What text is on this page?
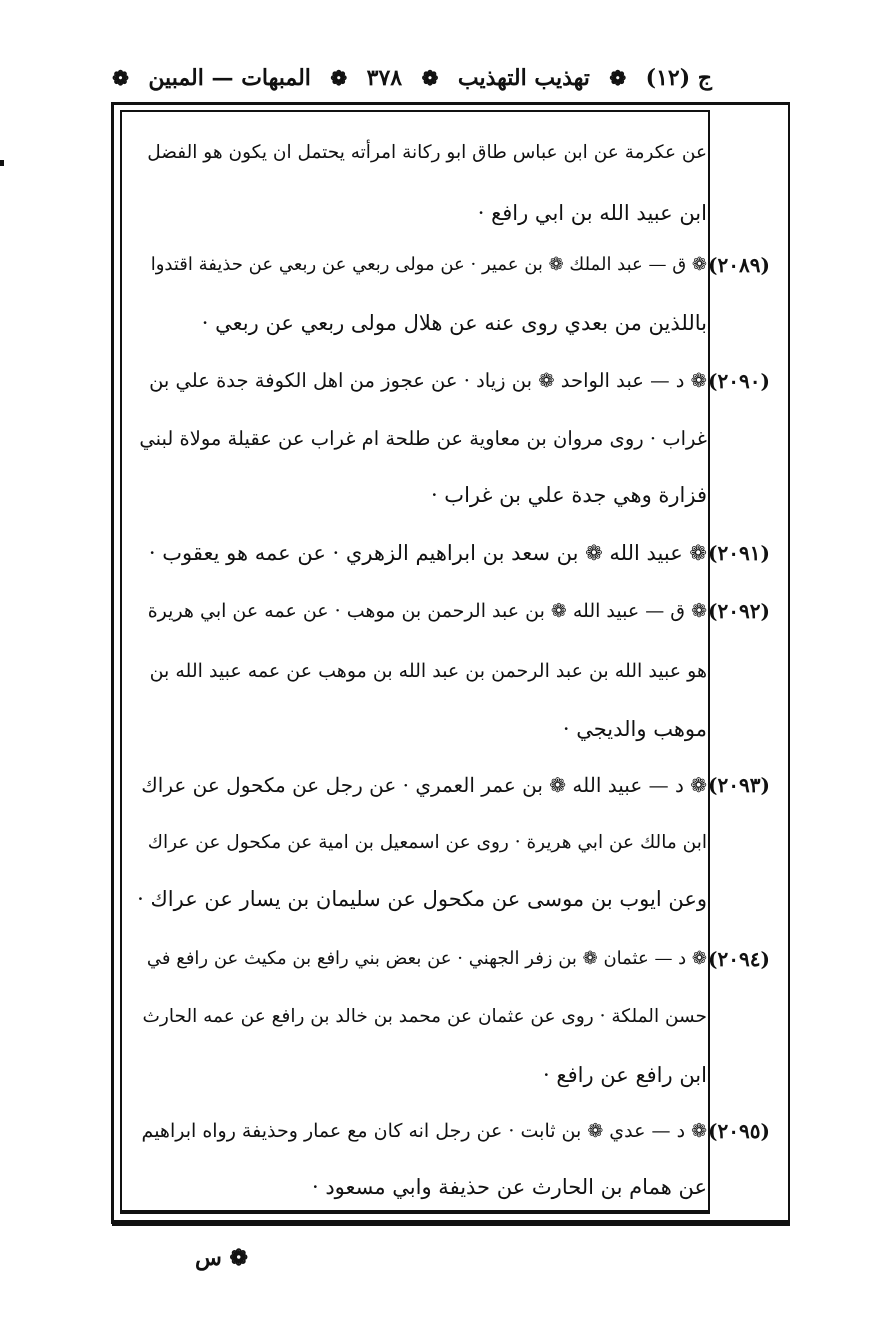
ج (١٢)
❁
تهذيب التهذيب
❁
٣٧٨
❁
المبهات — المبين
❁
عن عكرمة عن ابن عباس طاق ابو ركانة امرأته يحتمل ان يكون هو الفضل
ابن عبيد الله بن ابي رافع ·
(٢٠٨٩)
❁ ق — عبد الملك ❁ بن عمير · عن مولى ربعي عن ربعي عن حذيفة اقتدوا
باللذين من بعدي روى عنه عن هلال مولى ربعي عن ربعي ·
(٢٠٩٠)
❁ د — عبد الواحد ❁ بن زياد · عن عجوز من اهل الكوفة جدة علي بن
غراب · روى مروان بن معاوية عن طلحة ام غراب عن عقيلة مولاة لبني
فزارة وهي جدة علي بن غراب ·
(٢٠٩١)
❁ عبيد الله ❁ بن سعد بن ابراهيم الزهري · عن عمه هو يعقوب ·
(٢٠٩٢)
❁ ق — عبيد الله ❁ بن عبد الرحمن بن موهب · عن عمه عن ابي هريرة
هو عبيد الله بن عبد الرحمن بن عبد الله بن موهب عن عمه عبيد الله بن
موهب والديجي ·
(٢٠٩٣)
❁ د — عبيد الله ❁ بن عمر العمري · عن رجل عن مكحول عن عراك
ابن مالك عن ابي هريرة · روى عن اسمعيل بن امية عن مكحول عن عراك
وعن ايوب بن موسى عن مكحول عن سليمان بن يسار عن عراك ·
(٢٠٩٤)
❁ د — عثمان ❁ بن زفر الجهني · عن بعض بني رافع بن مكيث عن رافع في
حسن الملكة · روى عن عثمان عن محمد بن خالد بن رافع عن عمه الحارث
ابن رافع عن رافع ·
(٢٠٩٥)
❁ د — عدي ❁ بن ثابت · عن رجل انه كان مع عمار وحذيفة رواه ابراهيم
عن همام بن الحارث عن حذيفة وابي مسعود ·
❁ س
